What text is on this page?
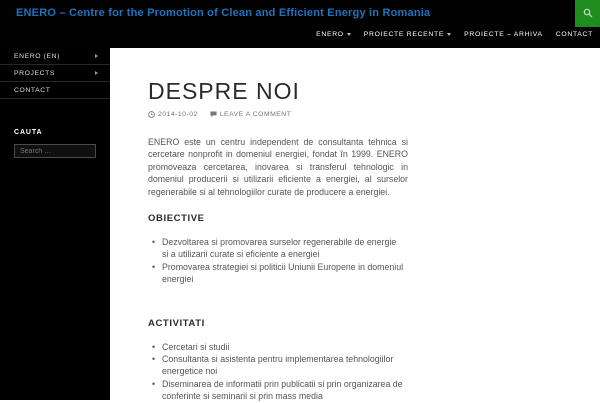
ENERO – Centre for the Promotion of Clean and Efficient Energy in Romania
ENERO	PROIECTE RECENTE	PROIECTE – ARHIVA CONTACT
ENERO (EN)
PROJECTS
CONTACT
CAUTA
Search …
DESPRE NOI
2014-10-02	LEAVE A COMMENT

ENERO este un centru independent de consultanta tehnica si cercetare nonprofit in domeniul energiei, fondat în 1999. ENERO promoveaza cercetarea, inovarea si transferul tehnologic in domeniul producerii si utilizarii eficiente a energiei, al surselor regenerabile si al tehnologiilor curate de producere a energiei.

OBIECTIVE
• Dezvoltarea si promovarea surselor regenerabile de energie si a utilizarii curate si eficiente a energiei
• Promovarea strategiei si politicii Uniunii Europene in domeniul energiei
ACTIVITATI
• Cercetari si studii
• Consultanta si asistenta pentru implementarea tehnologiilor energetice noi
• Diseminarea de informatii prin publicatii si prin organizarea de conferinte si seminarii si prin mass media
